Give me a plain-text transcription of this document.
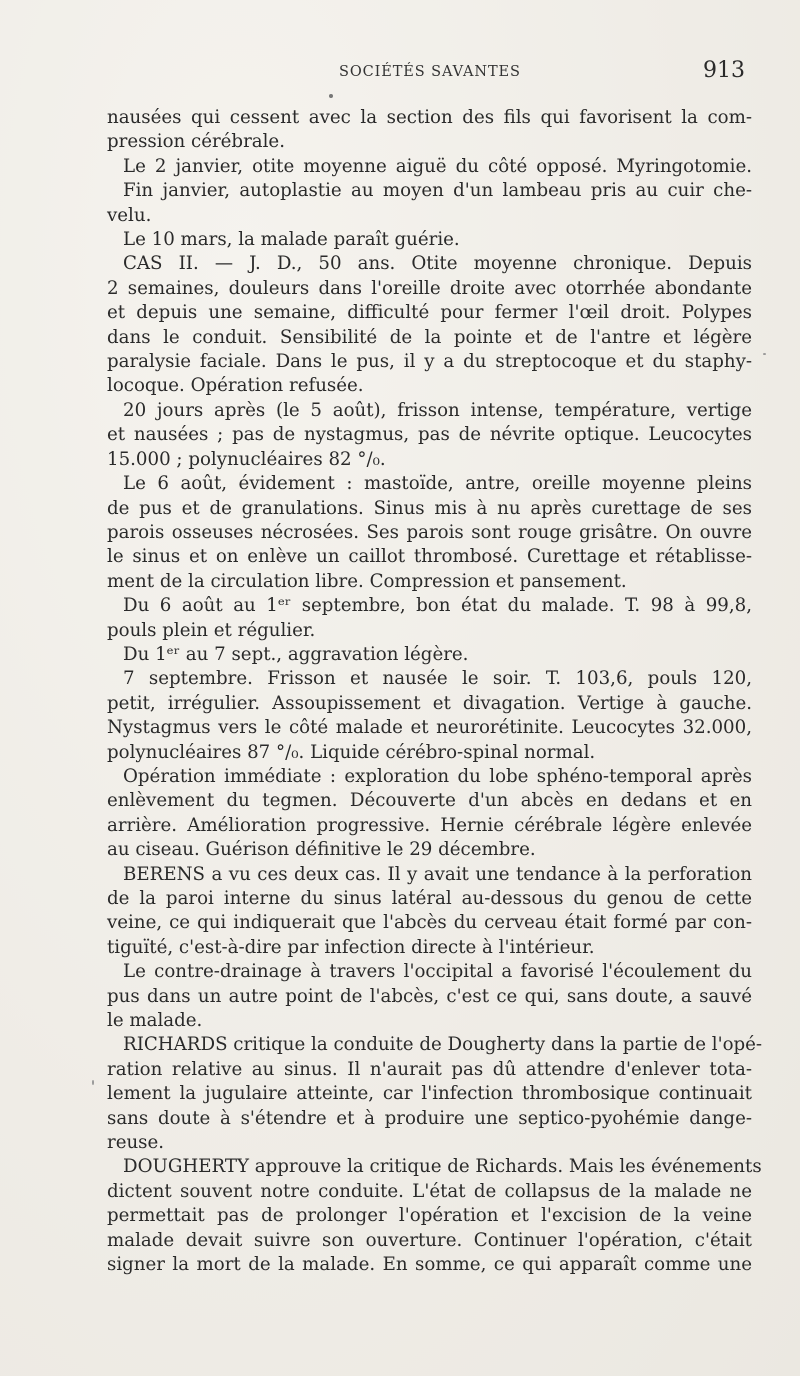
SOCIÉTÉS SAVANTES	913
nausées qui cessent avec la section des fils qui favorisent la com-
pression cérébrale.
Le 2 janvier, otite moyenne aiguë du côté opposé. Myringotomie.
Fin janvier, autoplastie au moyen d'un lambeau pris au cuir che-
velu.
Le 10 mars, la malade paraît guérie.
CAS II. — J. D., 50 ans. Otite moyenne chronique. Depuis
2 semaines, douleurs dans l'oreille droite avec otorrhée abondante
et depuis une semaine, difficulté pour fermer l'œil droit. Polypes
dans le conduit. Sensibilité de la pointe et de l'antre et légère
paralysie faciale. Dans le pus, il y a du streptocoque et du staphy-
locoque. Opération refusée.
20 jours après (le 5 août), frisson intense, température, vertige
et nausées ; pas de nystagmus, pas de névrite optique. Leucocytes
15.000 ; polynucléaires 82 °/₀.
Le 6 août, évidement : mastoïde, antre, oreille moyenne pleins
de pus et de granulations. Sinus mis à nu après curettage de ses
parois osseuses nécrosées. Ses parois sont rouge grisâtre. On ouvre
le sinus et on enlève un caillot thrombosé. Curettage et rétablisse-
ment de la circulation libre. Compression et pansement.
Du 6 août au 1ᵉʳ septembre, bon état du malade. T. 98 à 99,8,
pouls plein et régulier.
Du 1ᵉʳ au 7 sept., aggravation légère.
7 septembre. Frisson et nausée le soir. T. 103,6, pouls 120,
petit, irrégulier. Assoupissement et divagation. Vertige à gauche.
Nystagmus vers le côté malade et neurorétinite. Leucocytes 32.000,
polynucléaires 87 °/₀. Liquide cérébro-spinal normal.
Opération immédiate : exploration du lobe sphéno-temporal après
enlèvement du tegmen. Découverte d'un abcès en dedans et en
arrière. Amélioration progressive. Hernie cérébrale légère enlevée
au ciseau. Guérison définitive le 29 décembre.
BERENS a vu ces deux cas. Il y avait une tendance à la perforation
de la paroi interne du sinus latéral au-dessous du genou de cette
veine, ce qui indiquerait que l'abcès du cerveau était formé par con-
tiguïté, c'est-à-dire par infection directe à l'intérieur.
Le contre-drainage à travers l'occipital a favorisé l'écoulement du
pus dans un autre point de l'abcès, c'est ce qui, sans doute, a sauvé
le malade.
RICHARDS critique la conduite de Dougherty dans la partie de l'opé-
ration relative au sinus. Il n'aurait pas dû attendre d'enlever tota-
lement la jugulaire atteinte, car l'infection thrombosique continuait
sans doute à s'étendre et à produire une septico-pyohémie dange-
reuse.
DOUGHERTY approuve la critique de Richards. Mais les événements
dictent souvent notre conduite. L'état de collapsus de la malade ne
permettait pas de prolonger l'opération et l'excision de la veine
malade devait suivre son ouverture. Continuer l'opération, c'était
signer la mort de la malade. En somme, ce qui apparaît comme une
